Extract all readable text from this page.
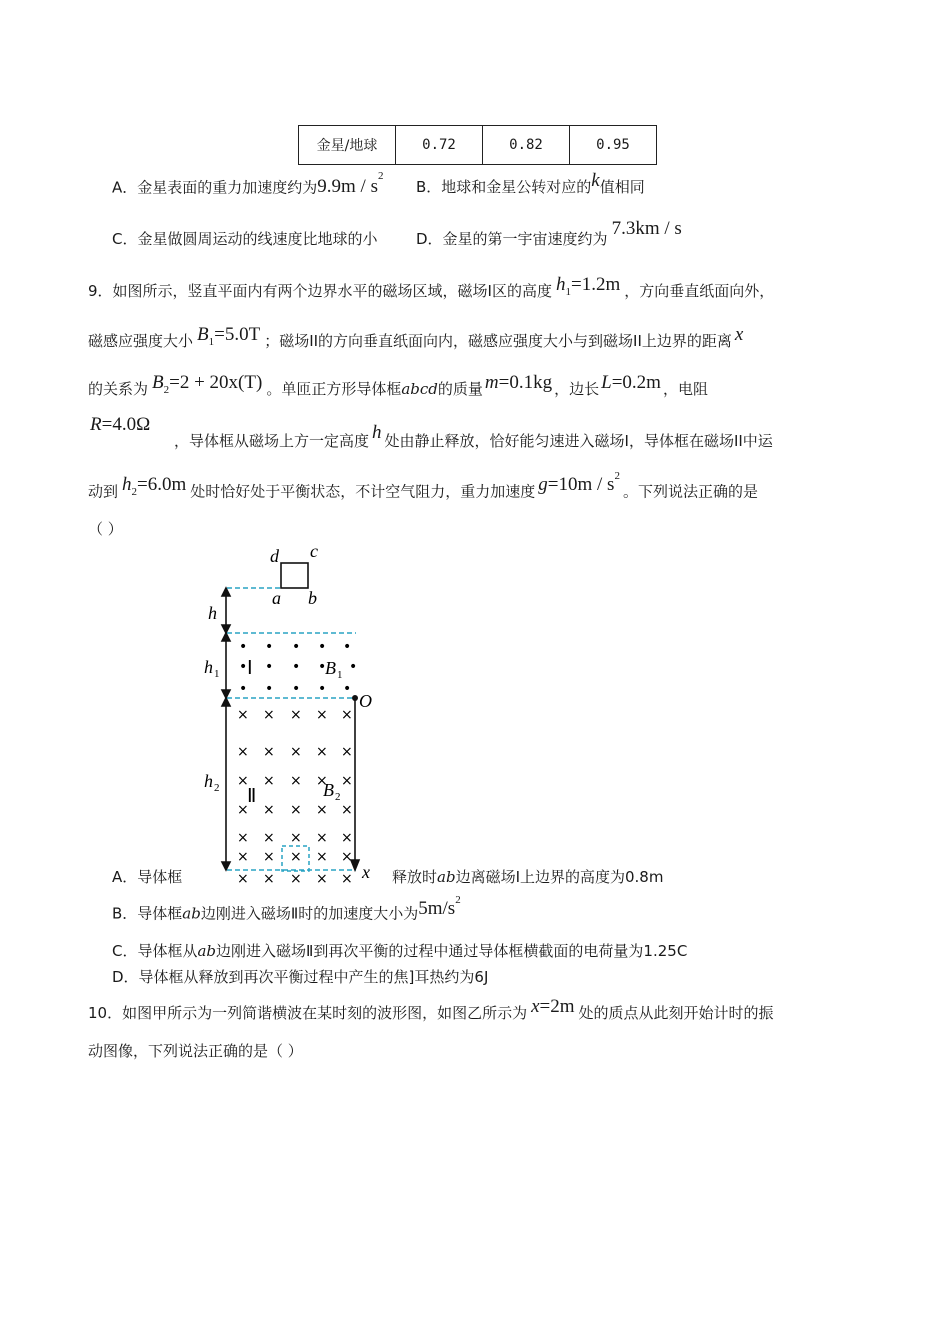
金星/地球	0.72	0.82	0.95
A．金星表面的重力加速度约为$9.9m / s^2$
B．地球和金星公转对应的k值相同
C．金星做圆周运动的线速度比地球的小	D．金星的第一宇宙速度约为 7.3km / s
9．如图所示，竖直平面内有两个边界水平的磁场区域，磁场Ⅰ区的高度 $h_1=1.2m$ ，方向垂直纸面向外，
磁感应强度大小 $B_1=5.0T$ ；磁场II的方向垂直纸面向内，磁感应强度大小与到磁场II上边界的距离 x
的关系为 $B_2=2 + 20x(T)$ 。单匝正方形导体框abcd的质量 m=0.1kg ，边长 L=0.2m ，电阻
R=4.0Ω
，导体框从磁场上方一定高度 h 处由静止释放，恰好能匀速进入磁场Ⅰ，导体框在磁场II中运
动到 $h_2=6.0m$ 处时恰好处于平衡状态，不计空气阻力，重力加速度 $g=10m / s^2$。下列说法正确的是
（ ）
d c
a b
O
x
h
h 1
h 2
Ⅰ	B 1
Ⅱ	B 2
• • • • •
• • • • •
• • • • •
× × × × ×
× × × × ×
× × × × ×
× × × × ×
× × × × ×
× × × × ×
× × × × ×
A．导体框	释放时ab边离磁场Ⅰ上边界的高度为0.8m
B．导体框ab边刚进入磁场Ⅱ时的加速度大小为$5m/s^2$
C．导体框从ab边刚进入磁场Ⅱ到再次平衡的过程中通过导体框横截面的电荷量为1.25C
D．导体框从释放到再次平衡过程中产生的焦]耳热约为6J
10．如图甲所示为一列简谐横波在某时刻的波形图，如图乙所示为 x=2m 处的质点从此刻开始计时的振
动图像，下列说法正确的是（ ）
